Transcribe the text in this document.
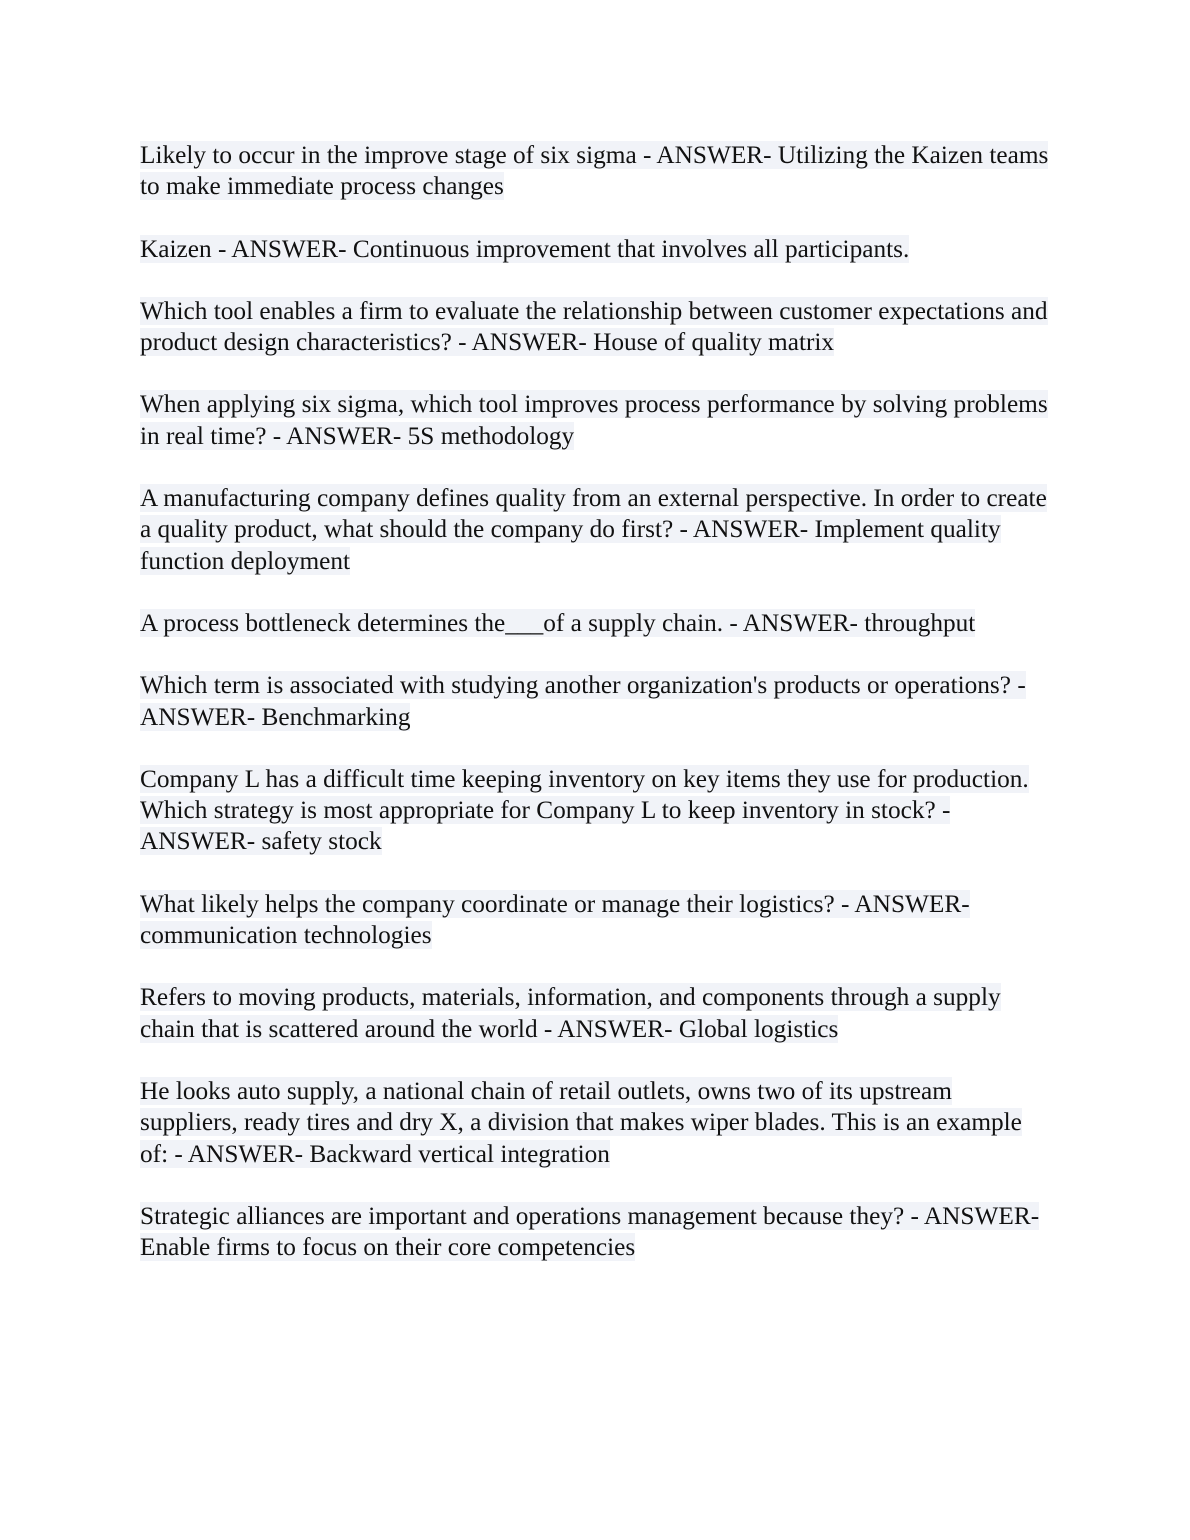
Likely to occur in the improve stage of six sigma - ANSWER- Utilizing the Kaizen teams to make immediate process changes

Kaizen - ANSWER- Continuous improvement that involves all participants.

Which tool enables a firm to evaluate the relationship between customer expectations and product design characteristics? - ANSWER- House of quality matrix

When applying six sigma, which tool improves process performance by solving problems in real time? - ANSWER- 5S methodology

A manufacturing company defines quality from an external perspective. In order to create a quality product, what should the company do first? - ANSWER- Implement quality function deployment

A process bottleneck determines the___of a supply chain. - ANSWER- throughput

Which term is associated with studying another organization's products or operations? - ANSWER- Benchmarking

Company L has a difficult time keeping inventory on key items they use for production. Which strategy is most appropriate for Company L to keep inventory in stock? - ANSWER- safety stock

What likely helps the company coordinate or manage their logistics? - ANSWER- communication technologies

Refers to moving products, materials, information, and components through a supply chain that is scattered around the world - ANSWER- Global logistics

He looks auto supply, a national chain of retail outlets, owns two of its upstream suppliers, ready tires and dry X, a division that makes wiper blades. This is an example of: - ANSWER- Backward vertical integration

Strategic alliances are important and operations management because they? - ANSWER- Enable firms to focus on their core competencies
